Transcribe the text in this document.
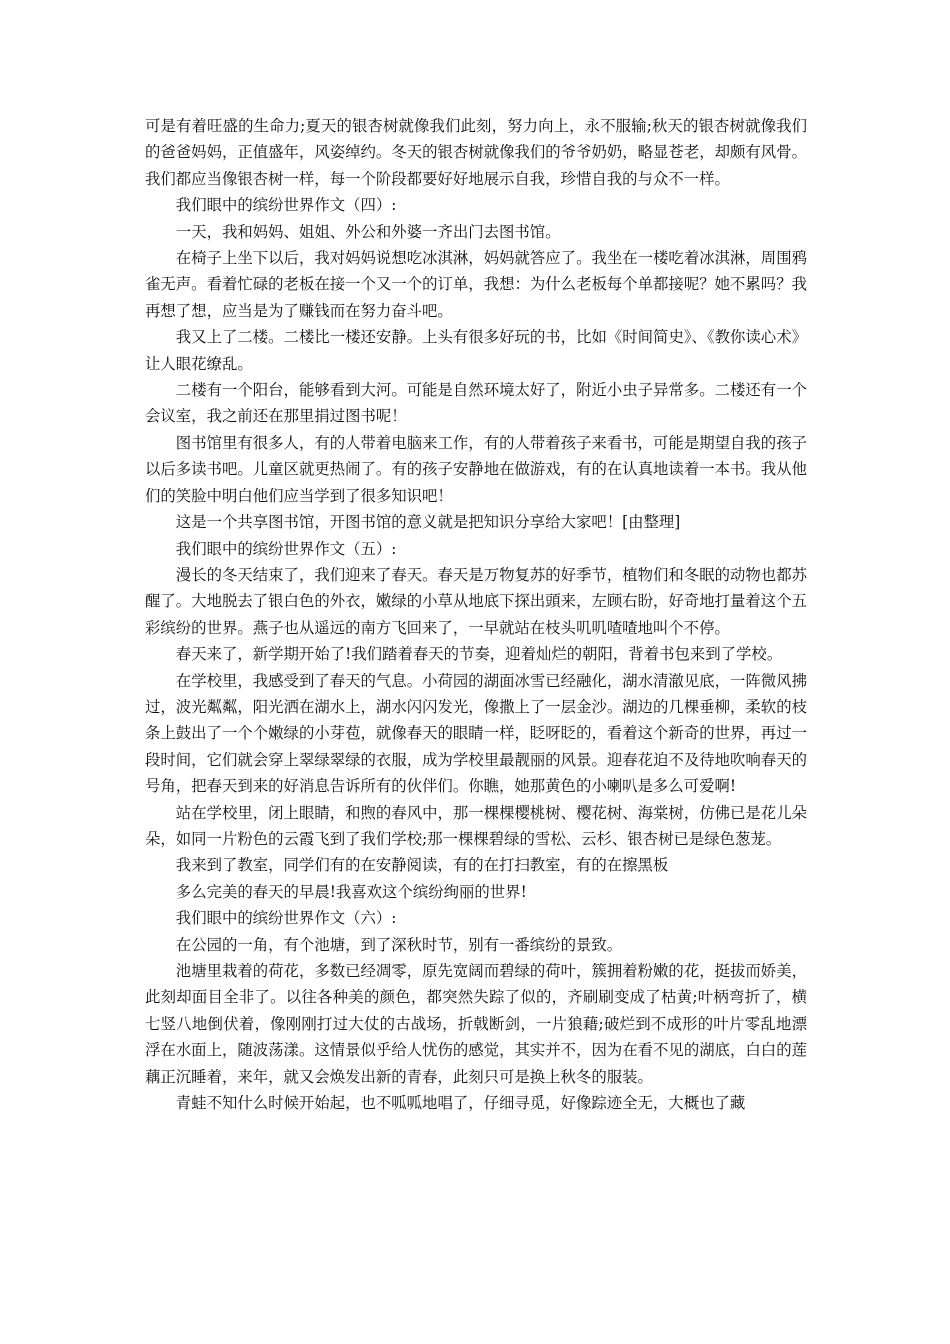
可是有着旺盛的生命力;夏天的银杏树就像我们此刻，努力向上，永不服输;秋天的银杏树就像我们的爸爸妈妈，正值盛年，风姿绰约。冬天的银杏树就像我们的爷爷奶奶，略显苍老，却颇有风骨。我们都应当像银杏树一样，每一个阶段都要好好地展示自我，珍惜自我的与众不一样。

我们眼中的缤纷世界作文（四）:

一天，我和妈妈、姐姐、外公和外婆一齐出门去图书馆。

在椅子上坐下以后，我对妈妈说想吃冰淇淋，妈妈就答应了。我坐在一楼吃着冰淇淋，周围鸦雀无声。看着忙碌的老板在接一个又一个的订单，我想：为什么老板每个单都接呢？她不累吗？我再想了想，应当是为了赚钱而在努力奋斗吧。

我又上了二楼。二楼比一楼还安静。上头有很多好玩的书，比如《时间简史》、《教你读心术》让人眼花缭乱。

二楼有一个阳台，能够看到大河。可能是自然环境太好了，附近小虫子异常多。二楼还有一个会议室，我之前还在那里捐过图书呢！

图书馆里有很多人，有的人带着电脑来工作，有的人带着孩子来看书，可能是期望自我的孩子以后多读书吧。儿童区就更热闹了。有的孩子安静地在做游戏，有的在认真地读着一本书。我从他们的笑脸中明白他们应当学到了很多知识吧！

这是一个共享图书馆，开图书馆的意义就是把知识分享给大家吧！[由整理]

我们眼中的缤纷世界作文（五）:

漫长的冬天结束了，我们迎来了春天。春天是万物复苏的好季节，植物们和冬眠的动物也都苏醒了。大地脱去了银白色的外衣，嫩绿的小草从地底下探出頭来，左顾右盼，好奇地打量着这个五彩缤纷的世界。燕子也从遥远的南方飞回来了，一早就站在枝头叽叽喳喳地叫个不停。

春天来了，新学期开始了!我们踏着春天的节奏，迎着灿烂的朝阳，背着书包来到了学校。

在学校里，我感受到了春天的气息。小荷园的湖面冰雪已经融化，湖水清澈见底，一阵微风拂过，波光粼粼，阳光洒在湖水上，湖水闪闪发光，像撒上了一层金沙。湖边的几棵垂柳，柔软的枝条上鼓出了一个个嫩绿的小芽苞，就像春天的眼睛一样，眨呀眨的，看着这个新奇的世界，再过一段时间，它们就会穿上翠绿翠绿的衣服，成为学校里最靓丽的风景。迎春花迫不及待地吹响春天的号角，把春天到来的好消息告诉所有的伙伴们。你瞧，她那黄色的小喇叭是多么可爱啊!

站在学校里，闭上眼睛，和煦的春风中，那一棵棵樱桃树、樱花树、海棠树，仿佛已是花儿朵朵，如同一片粉色的云霞飞到了我们学校;那一棵棵碧绿的雪松、云杉、银杏树已是绿色葱茏。

我来到了教室，同学们有的在安静阅读，有的在打扫教室，有的在擦黑板

多么完美的春天的早晨!我喜欢这个缤纷绚丽的世界!

我们眼中的缤纷世界作文（六）:

在公园的一角，有个池塘，到了深秋时节，别有一番缤纷的景致。

池塘里栽着的荷花，多数已经凋零，原先宽阔而碧绿的荷叶，簇拥着粉嫩的花，挺拔而娇美，此刻却面目全非了。以往各种美的颜色，都突然失踪了似的，齐刷刷变成了枯黄;叶柄弯折了，横七竖八地倒伏着，像刚刚打过大仗的古战场，折戟断剑，一片狼藉;破烂到不成形的叶片零乱地漂浮在水面上，随波荡漾。这情景似乎给人忧伤的感觉，其实并不，因为在看不见的湖底，白白的莲藕正沉睡着，来年，就又会焕发出新的青春，此刻只可是换上秋冬的服装。

青蛙不知什么时候开始起，也不呱呱地唱了，仔细寻觅，好像踪迹全无，大概也了藏
